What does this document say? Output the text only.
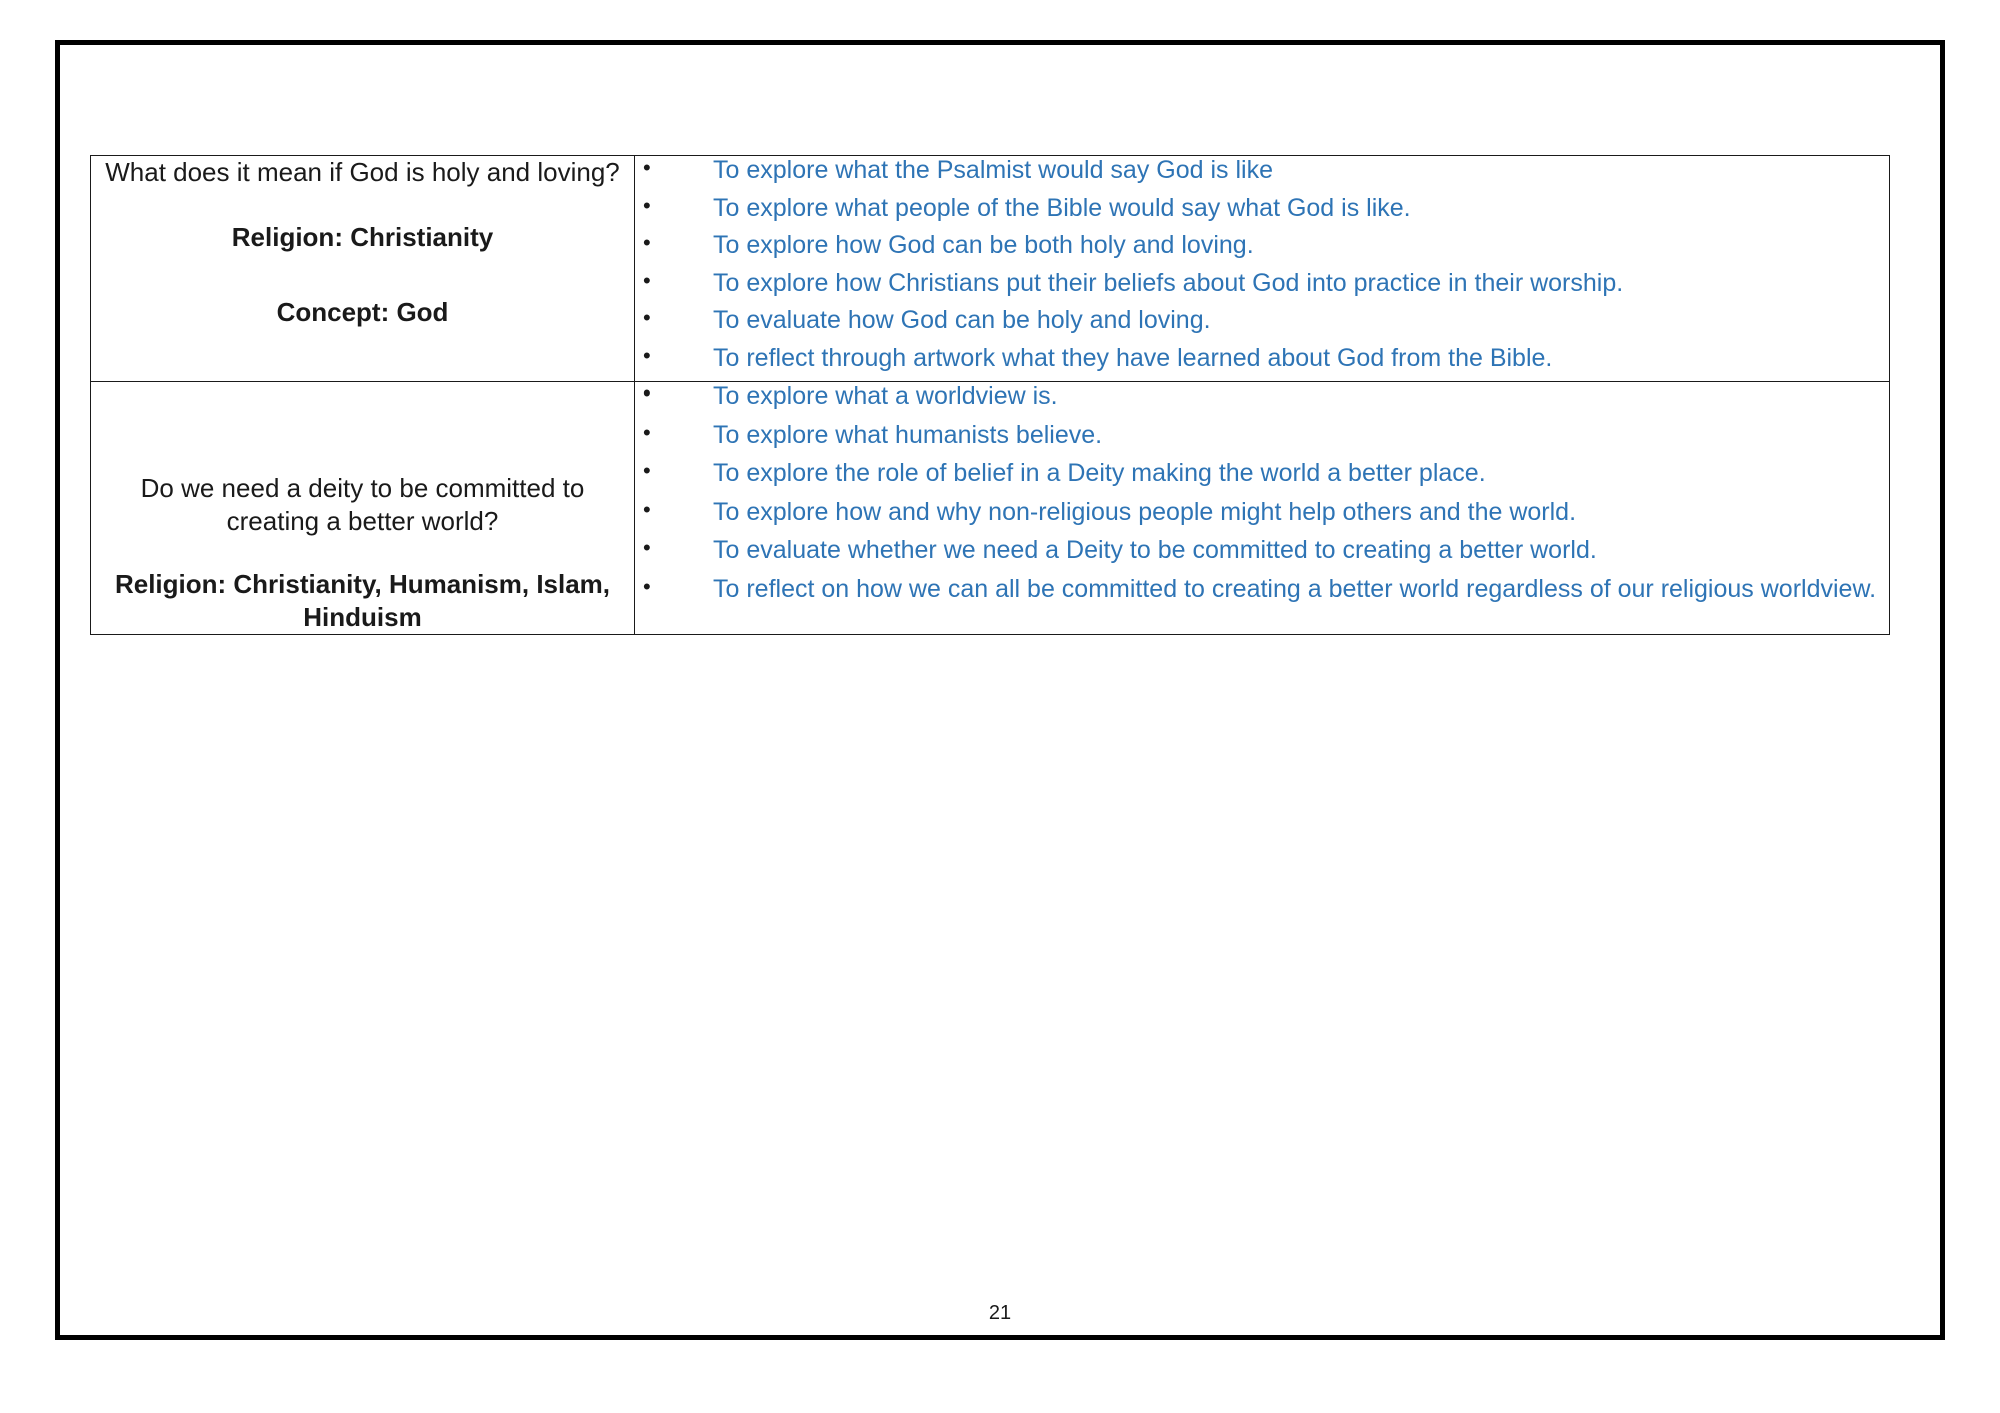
What does it mean if God is holy and loving?
Religion: Christianity
Concept: God

• To explore what the Psalmist would say God is like
• To explore what people of the Bible would say what God is like.
• To explore how God can be both holy and loving.
• To explore how Christians put their beliefs about God into practice in their worship.
• To evaluate how God can be holy and loving.
• To reflect through artwork what they have learned about God from the Bible.

Do we need a deity to be committed to creating a better world?
Religion: Christianity, Humanism, Islam, Hinduism

• To explore what a worldview is.
• To explore what humanists believe.
• To explore the role of belief in a Deity making the world a better place.
• To explore how and why non-religious people might help others and the world.
• To evaluate whether we need a Deity to be committed to creating a better world.
• To reflect on how we can all be committed to creating a better world regardless of our religious worldview.
21
